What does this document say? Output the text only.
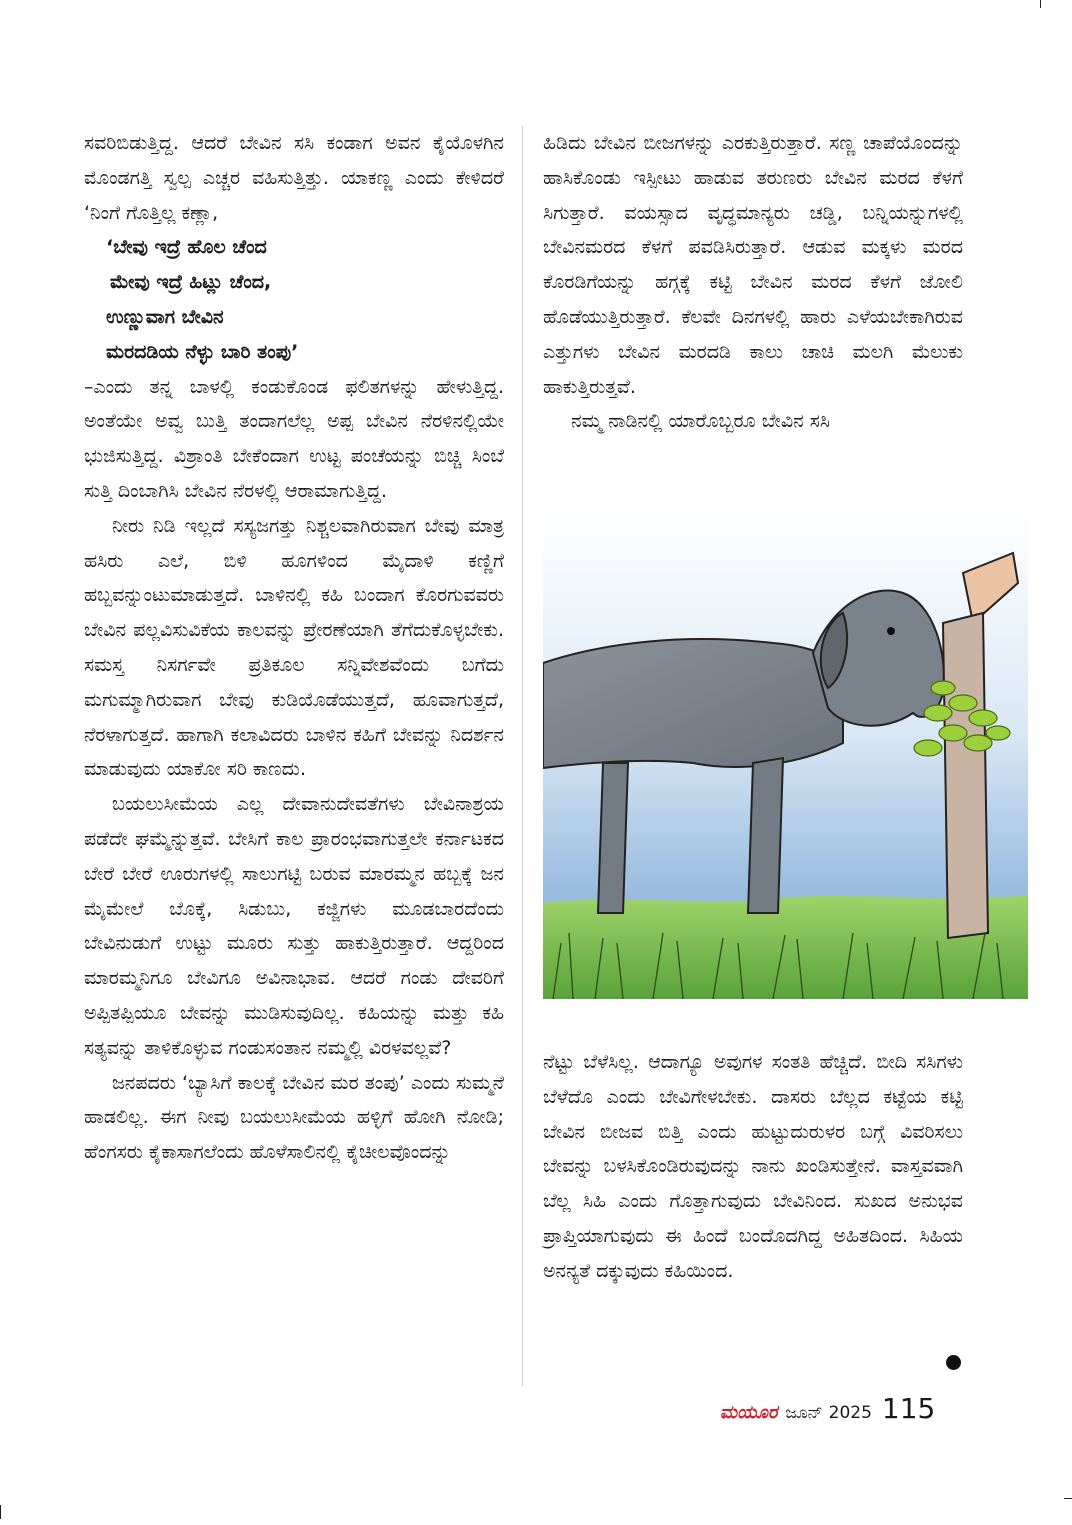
ಸವರಿಬಿಡುತ್ತಿದ್ದ. ಆದರೆ ಬೇವಿನ ಸಸಿ ಕಂಡಾಗ ಅವನ ಕೈಯೊಳಗಿನ ಮೊಂಡಗತ್ತಿ ಸ್ವಲ್ಪ ಎಚ್ಚರ ವಹಿಸುತ್ತಿತ್ತು. ಯಾಕಣ್ಣ ಎಂದು ಕೇಳಿದರೆ ‘ನಿಂಗೆ ಗೊತ್ತಿಲ್ಲ ಕಣ್ಲಾ,

‘ಬೇವು ಇದ್ರೆ ಹೊಲ ಚೆಂದ
ಮೇವು ಇದ್ರೆ ಹಿಟ್ಲು ಚೆಂದ,
ಉಣ್ಣುವಾಗ ಬೇವಿನ
ಮರದಡಿಯ ನೆಳ್ಳು ಬಾರಿ ತಂಪು’

–ಎಂದು ತನ್ನ ಬಾಳಲ್ಲಿ ಕಂಡುಕೊಂಡ ಫಲಿತಗಳನ್ನು ಹೇಳುತ್ತಿದ್ದ. ಅಂತೆಯೇ ಅವ್ವ ಬುತ್ತಿ ತಂದಾಗಲೆಲ್ಲ ಅಪ್ಪ ಬೇವಿನ ನೆರಳಿನಲ್ಲಿಯೇ ಭುಜಿಸುತ್ತಿದ್ದ. ವಿಶ್ರಾಂತಿ ಬೇಕೆಂದಾಗ ಉಟ್ಟ ಪಂಚೆಯನ್ನು ಬಿಚ್ಚಿ ಸಿಂಬೆ ಸುತ್ತಿ ದಿಂಬಾಗಿಸಿ ಬೇವಿನ ನೆರಳಲ್ಲಿ ಆರಾಮಾಗುತ್ತಿದ್ದ.

ನೀರು ನಿಡಿ ಇಲ್ಲದೆ ಸಸ್ಯಜಗತ್ತು ನಿಶ್ಚಲವಾಗಿರುವಾಗ ಬೇವು ಮಾತ್ರ ಹಸಿರು ಎಲೆ, ಬಿಳಿ ಹೂಗಳಿಂದ ಮೈದಾಳಿ ಕಣ್ಣಿಗೆ ಹಬ್ಬವನ್ನುಂಟುಮಾಡುತ್ತದೆ. ಬಾಳಿನಲ್ಲಿ ಕಹಿ ಬಂದಾಗ ಕೊರಗುವವರು ಬೇವಿನ ಪಲ್ಲವಿಸುವಿಕೆಯ ಕಾಲವನ್ನು ಪ್ರೇರಣೆಯಾಗಿ ತೆಗೆದುಕೊಳ್ಳಬೇಕು. ಸಮಸ್ತ ನಿಸರ್ಗವೇ ಪ್ರತಿಕೂಲ ಸನ್ನಿವೇಶವೆಂದು ಬಗೆದು ಮಗುಮ್ಮಾಗಿರುವಾಗ ಬೇವು ಕುಡಿಯೊಡೆಯುತ್ತದೆ, ಹೂವಾಗುತ್ತದೆ, ನೆರಳಾಗುತ್ತದೆ. ಹಾಗಾಗಿ ಕಲಾವಿದರು ಬಾಳಿನ ಕಹಿಗೆ ಬೇವನ್ನು ನಿದರ್ಶನ ಮಾಡುವುದು ಯಾಕೋ ಸರಿ ಕಾಣದು.

ಬಯಲುಸೀಮೆಯ ಎಲ್ಲ ದೇವಾನುದೇವತೆಗಳು ಬೇವಿನಾಶ್ರಯ ಪಡೆದೇ ಘಮ್ಮೆನ್ನುತ್ತವೆ. ಬೇಸಿಗೆ ಕಾಲ ಪ್ರಾರಂಭವಾಗುತ್ತಲೇ ಕರ್ನಾಟಕದ ಬೇರೆ ಬೇರೆ ಊರುಗಳಲ್ಲಿ ಸಾಲುಗಟ್ಟಿ ಬರುವ ಮಾರಮ್ಮನ ಹಬ್ಬಕ್ಕೆ ಜನ ಮೈಮೇಲೆ ಬೊಕ್ಕೆ, ಸಿಡುಬು, ಕಜ್ಜಿಗಳು ಮೂಡಬಾರದೆಂದು ಬೇವಿನುಡುಗೆ ಉಟ್ಟು ಮೂರು ಸುತ್ತು ಹಾಕುತ್ತಿರುತ್ತಾರೆ. ಆದ್ದರಿಂದ ಮಾರಮ್ಮನಿಗೂ ಬೇವಿಗೂ ಅವಿನಾಭಾವ. ಆದರೆ ಗಂಡು ದೇವರಿಗೆ ಅಪ್ಪಿತಪ್ಪಿಯೂ ಬೇವನ್ನು ಮುಡಿಸುವುದಿಲ್ಲ. ಕಹಿಯನ್ನು ಮತ್ತು ಕಹಿ ಸತ್ಯವನ್ನು ತಾಳಿಕೊಳ್ಳುವ ಗಂಡುಸಂತಾನ ನಮ್ಮಲ್ಲಿ ವಿರಳವಲ್ಲವೆ?

ಜನಪದರು ‘ಬ್ಯಾಸಿಗೆ ಕಾಲಕ್ಕೆ ಬೇವಿನ ಮರ ತಂಪು’ ಎಂದು ಸುಮ್ಮನೆ ಹಾಡಲಿಲ್ಲ. ಈಗ ನೀವು ಬಯಲುಸೀಮೆಯ ಹಳ್ಳಿಗೆ ಹೋಗಿ ನೋಡಿ; ಹೆಂಗಸರು ಕೈಕಾಸಾಗಲೆಂದು ಹೊಳೆಸಾಲಿನಲ್ಲಿ ಕೈಚೀಲವೊಂದನ್ನು

ಹಿಡಿದು ಬೇವಿನ ಬೀಜಗಳನ್ನು ಎರಕುತ್ತಿರುತ್ತಾರೆ. ಸಣ್ಣ ಚಾಪೆಯೊಂದನ್ನು ಹಾಸಿಕೊಂಡು ಇಸ್ಪೀಟು ಹಾಡುವ ತರುಣರು ಬೇವಿನ ಮರದ ಕೆಳಗೆ ಸಿಗುತ್ತಾರೆ. ವಯಸ್ಸಾದ ವೃದ್ಧಮಾನ್ಯರು ಚಡ್ಡಿ, ಬನ್ನಿಯನ್ನುಗಳಲ್ಲಿ ಬೇವಿನಮರದ ಕೆಳಗೆ ಪವಡಿಸಿರುತ್ತಾರೆ. ಆಡುವ ಮಕ್ಕಳು ಮರದ ಕೊರಡಿಗೆಯನ್ನು ಹಗ್ಗಕ್ಕೆ ಕಟ್ಟಿ ಬೇವಿನ ಮರದ ಕೆಳಗೆ ಜೋಲಿ ಹೊಡೆಯುತ್ತಿರುತ್ತಾರೆ. ಕೆಲವೇ ದಿನಗಳಲ್ಲಿ ಹಾರು ಎಳೆಯಬೇಕಾಗಿರುವ ಎತ್ತುಗಳು ಬೇವಿನ ಮರದಡಿ ಕಾಲು ಚಾಚಿ ಮಲಗಿ ಮೆಲುಕು ಹಾಕುತ್ತಿರುತ್ತವೆ.

ನಮ್ಮ ನಾಡಿನಲ್ಲಿ ಯಾರೊಬ್ಬರೂ ಬೇವಿನ ಸಸಿ

ನೆಟ್ಟು ಬೆಳೆಸಿಲ್ಲ. ಆದಾಗ್ಯೂ ಅವುಗಳ ಸಂತತಿ ಹೆಚ್ಚಿದೆ. ಬೀದಿ ಸಸಿಗಳು ಬೆಳೆದೊ ಎಂದು ಬೇವಿಗೇಳಬೇಕು. ದಾಸರು ಬೆಲ್ಲದ ಕಟ್ಟೆಯ ಕಟ್ಟಿ ಬೇವಿನ ಬೀಜವ ಬಿತ್ತಿ ಎಂದು ಹುಟ್ಟುದುರುಳರ ಬಗ್ಗೆ ವಿವರಿಸಲು ಬೇವನ್ನು ಬಳಸಿಕೊಂಡಿರುವುದನ್ನು ನಾನು ಖಂಡಿಸುತ್ತೇನೆ. ವಾಸ್ತವವಾಗಿ ಬೆಲ್ಲ ಸಿಹಿ ಎಂದು ಗೊತ್ತಾಗುವುದು ಬೇವಿನಿಂದ. ಸುಖದ ಅನುಭವ ಪ್ರಾಪ್ತಿಯಾಗುವುದು ಈ ಹಿಂದೆ ಬಂದೊದಗಿದ್ದ ಅಹಿತದಿಂದ. ಸಿಹಿಯ ಅನನ್ಯತೆ ದಕ್ಕುವುದು ಕಹಿಯಿಂದ.

ಮಯೂರ ಜೂನ್ 2025 115
